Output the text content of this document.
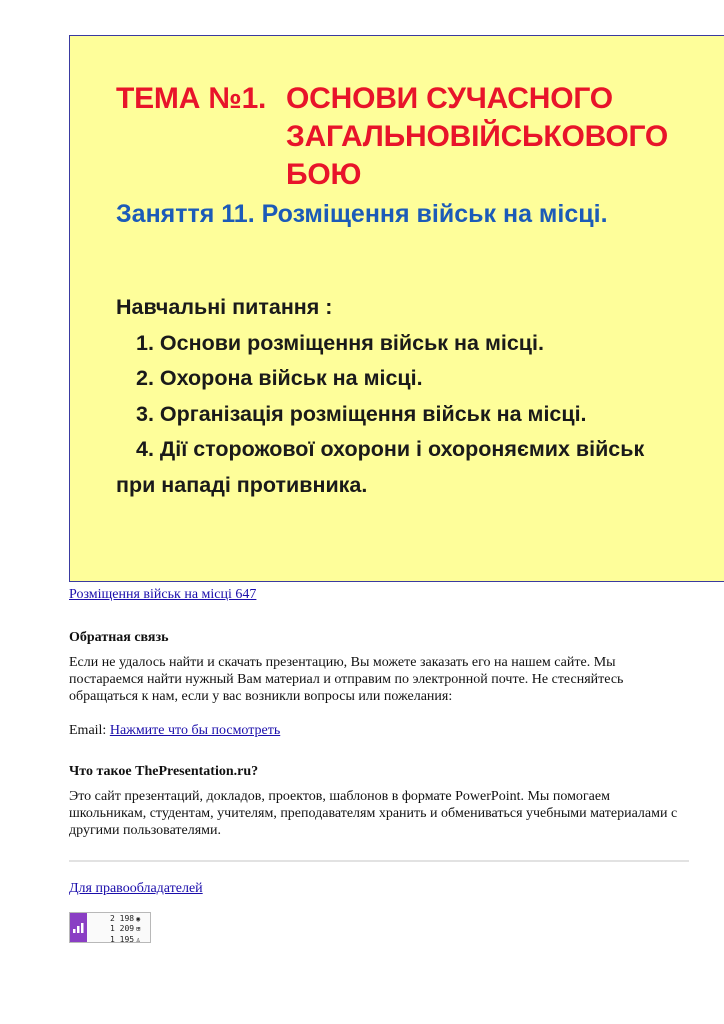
ТЕМА №1. ОСНОВИ СУЧАСНОГО
ЗАГАЛЬНОВІЙСЬКОВОГО
БОЮ
Заняття 11. Розміщення військ на місці.
Навчальні питання :
1. Основи розміщення військ на місці.
2. Охорона військ на місці.
3. Організація розміщення військ на місці.
4. Дії сторожової охорони і охороняємих військ
при нападі противника.
Розміщення військ на місці 647
Обратная связь
Если не удалось найти и скачать презентацию, Вы можете заказать его на нашем сайте. Мы постараемся найти нужный Вам материал и отправим по электронной почте. Не стесняйтесь обращаться к нам, если у вас возникли вопросы или пожелания:
Email: Нажмите что бы посмотреть
Что такое ThePresentation.ru?
Это сайт презентаций, докладов, проектов, шаблонов в формате PowerPoint. Мы помогаем школьникам, студентам, учителям, преподавателям хранить и обмениваться учебными материалами с другими пользователями.
Для правообладателей
2 198 ◉
1 209 ⊞
1 195 ♙
